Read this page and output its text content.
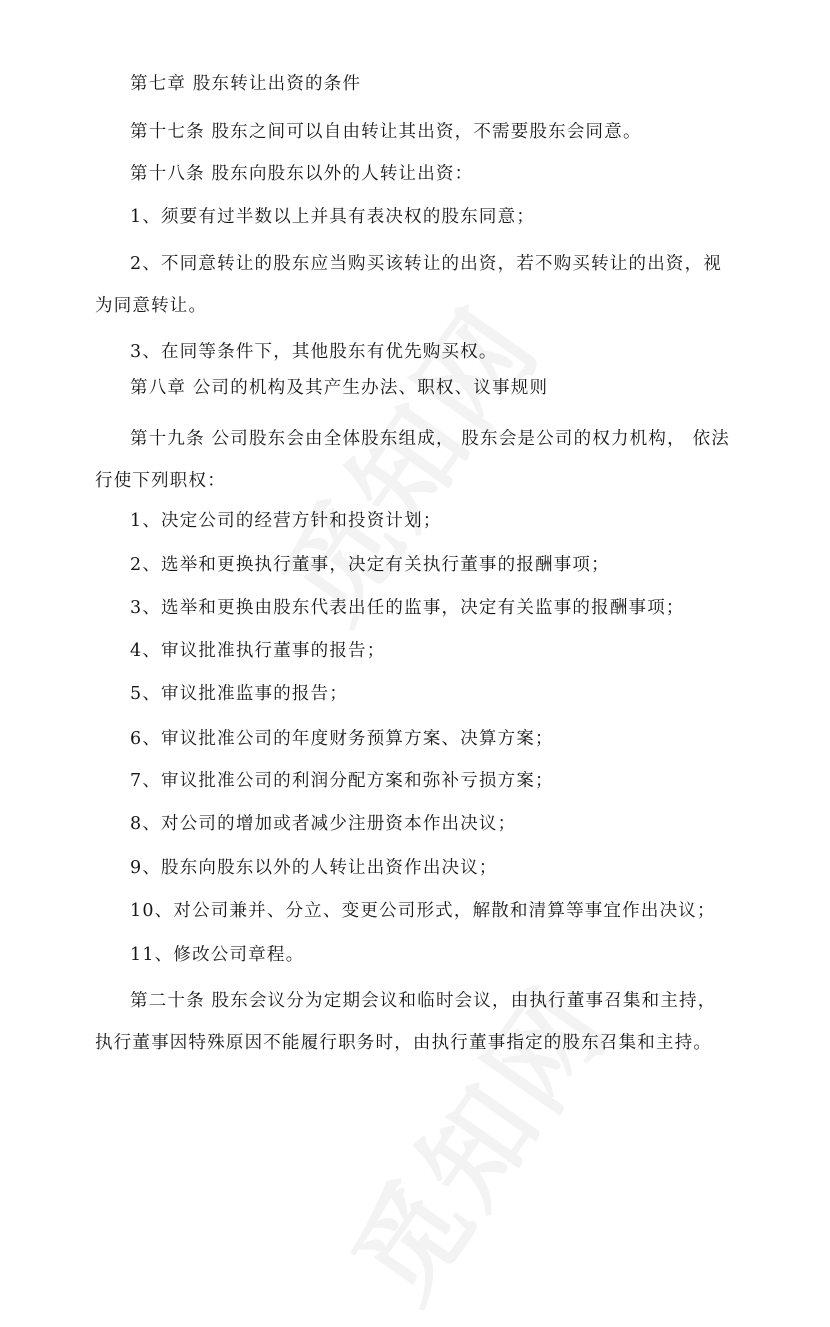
第七章 股东转让出资的条件
第十七条 股东之间可以自由转让其出资，不需要股东会同意。
第十八条 股东向股东以外的人转让出资：
1、须要有过半数以上并具有表决权的股东同意；
2、不同意转让的股东应当购买该转让的出资，若不购买转让的出资，视
为同意转让。
3、在同等条件下，其他股东有优先购买权。
第八章 公司的机构及其产生办法、职权、议事规则
第十九条 公司股东会由全体股东组成， 股东会是公司的权力机构， 依法
行使下列职权：
1、决定公司的经营方针和投资计划；
2、选举和更换执行董事，决定有关执行董事的报酬事项；
3、选举和更换由股东代表出任的监事，决定有关监事的报酬事项；
4、审议批准执行董事的报告；
5、审议批准监事的报告；
6、审议批准公司的年度财务预算方案、决算方案；
7、审议批准公司的利润分配方案和弥补亏损方案；
8、对公司的增加或者减少注册资本作出决议；
9、股东向股东以外的人转让出资作出决议；
10、对公司兼并、分立、变更公司形式，解散和清算等事宜作出决议；
11、修改公司章程。
第二十条 股东会议分为定期会议和临时会议，由执行董事召集和主持，
执行董事因特殊原因不能履行职务时，由执行董事指定的股东召集和主持。
